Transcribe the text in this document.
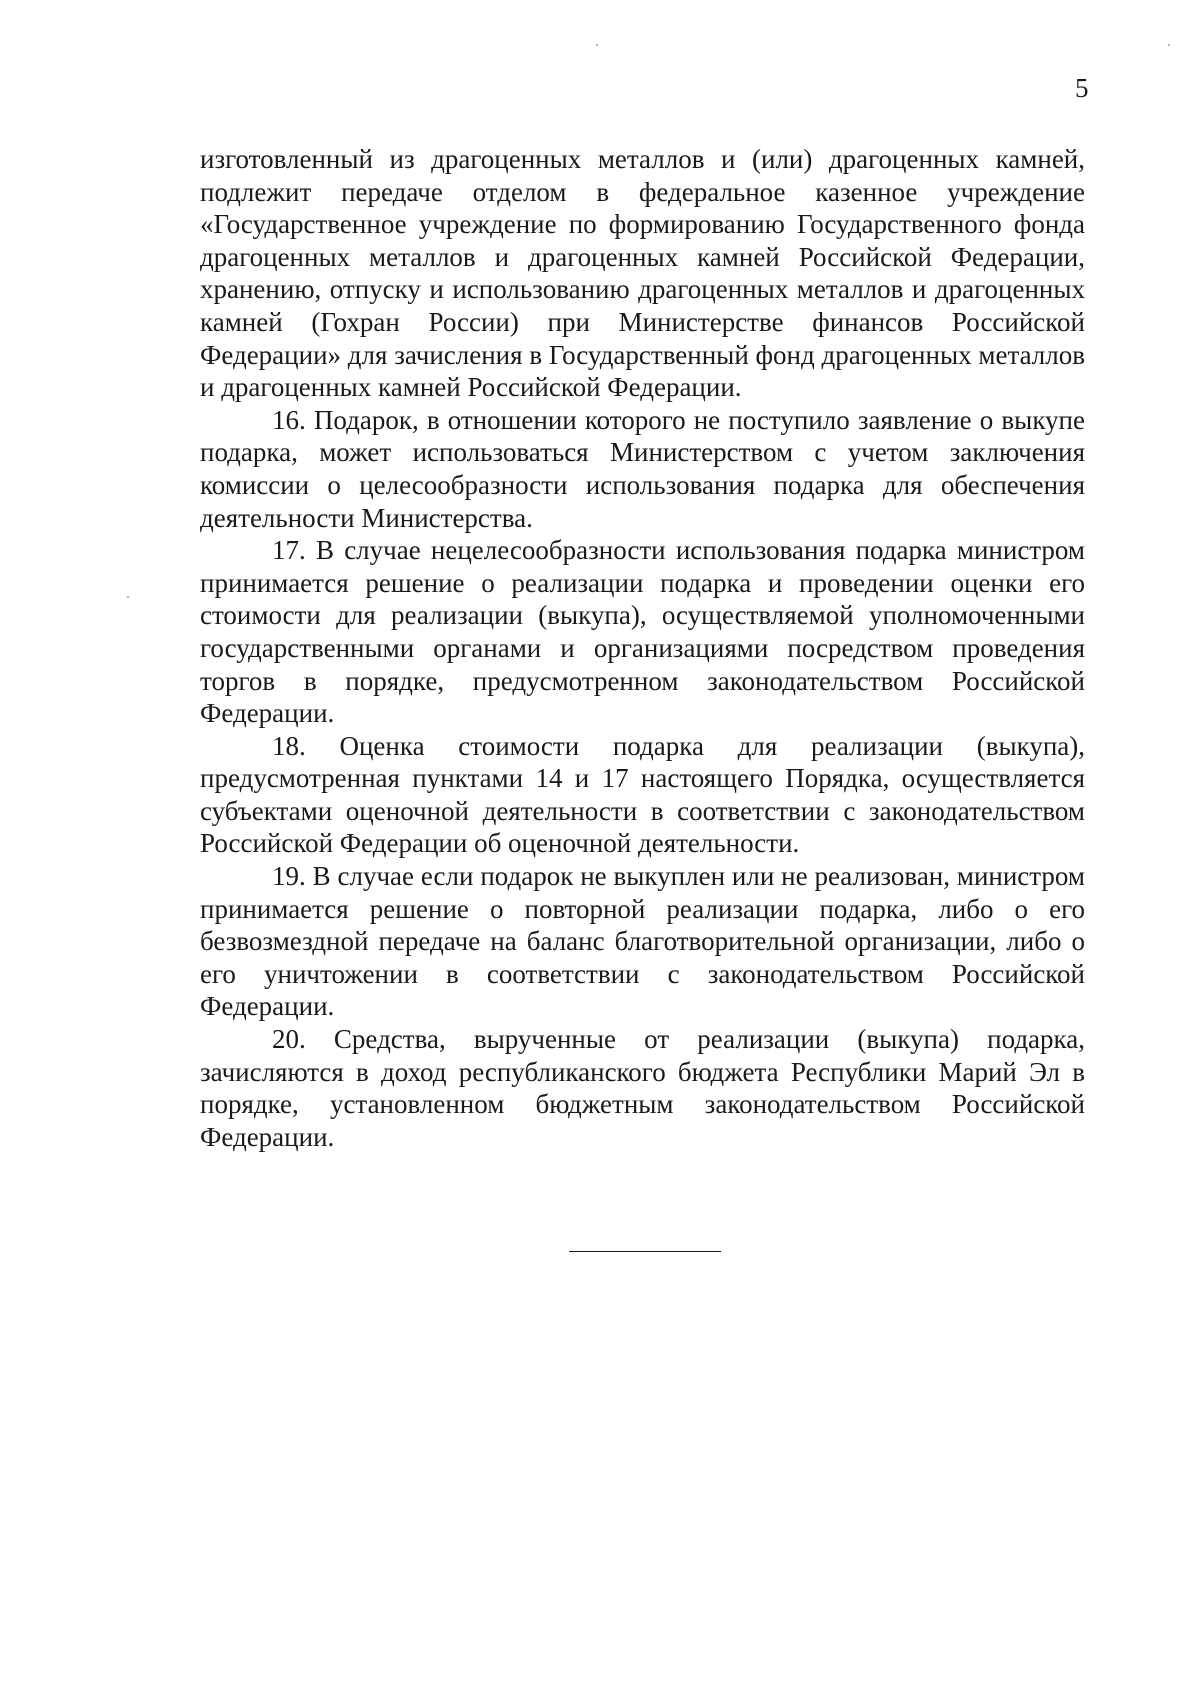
5

изготовленный из драгоценных металлов и (или) драгоценных камней, подлежит передаче отделом в федеральное казенное учреждение «Государственное учреждение по формированию Государственного фонда драгоценных металлов и драгоценных камней Российской Федерации, хранению, отпуску и использованию драгоценных металлов и драгоценных камней (Гохран России) при Министерстве финансов Российской Федерации» для зачисления в Государственный фонд драгоценных металлов и драгоценных камней Российской Федерации.

16. Подарок, в отношении которого не поступило заявление о выкупе подарка, может использоваться Министерством с учетом заключения комиссии о целесообразности использования подарка для обеспечения деятельности Министерства.

17. В случае нецелесообразности использования подарка министром принимается решение о реализации подарка и проведении оценки его стоимости для реализации (выкупа), осуществляемой уполномоченными государственными органами и организациями посредством проведения торгов в порядке, предусмотренном законодательством Российской Федерации.

18. Оценка стоимости подарка для реализации (выкупа), предусмотренная пунктами 14 и 17 настоящего Порядка, осуществляется субъектами оценочной деятельности в соответствии с законодательством Российской Федерации об оценочной деятельности.

19. В случае если подарок не выкуплен или не реализован, министром принимается решение о повторной реализации подарка, либо о его безвозмездной передаче на баланс благотворительной организации, либо о его уничтожении в соответствии с законодательством Российской Федерации.

20. Средства, вырученные от реализации (выкупа) подарка, зачисляются в доход республиканского бюджета Республики Марий Эл в порядке, установленном бюджетным законодательством Российской Федерации.
